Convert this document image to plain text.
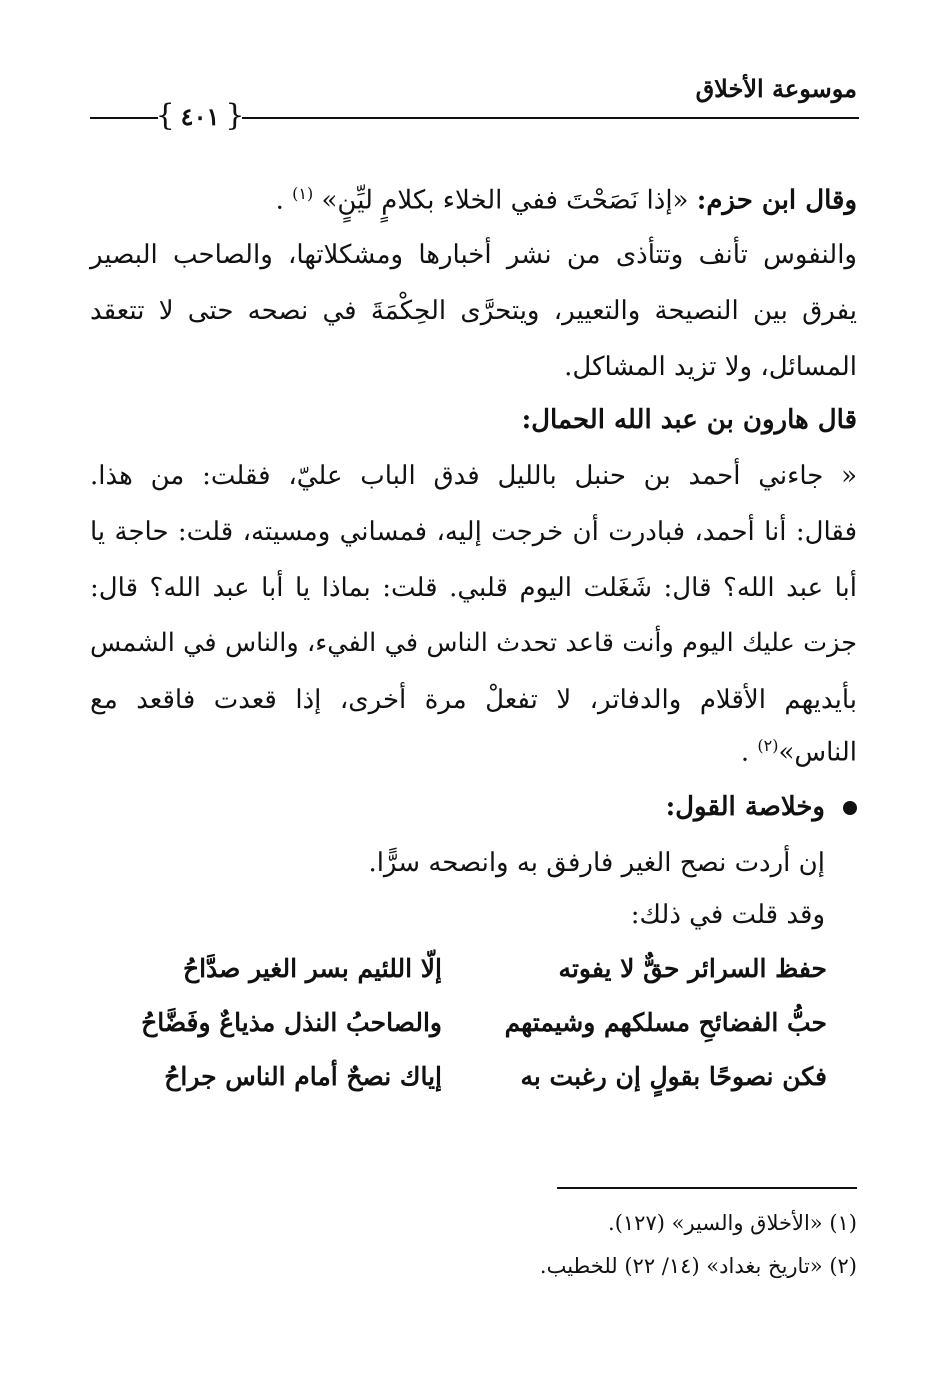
موسوعة الأخلاق
{ ٤٠١ }
وقال ابن حزم: «إذا نَصَحْتَ ففي الخلاء بكلامٍ ليِّنٍ» $^{(١)}$ .
والنفوس تأنف وتتأذى من نشر أخبارها ومشكلاتها، والصاحب البصير
يفرق بين النصيحة والتعيير، ويتحرَّى الحِكْمَةَ في نصحه حتى لا تتعقد
المسائل، ولا تزيد المشاكل.
قال هارون بن عبد الله الحمال:
« جاءني أحمد بن حنبل بالليل فدق الباب عليّ، فقلت: من هذا.
فقال: أنا أحمد، فبادرت أن خرجت إليه، فمساني ومسيته، قلت: حاجة يا
أبا عبد الله؟ قال: شَغَلت اليوم قلبي. قلت: بماذا يا أبا عبد الله؟ قال:
جزت عليك اليوم وأنت قاعد تحدث الناس في الفيء، والناس في الشمس
بأيديهم الأقلام والدفاتر، لا تفعلْ مرة أخرى، إذا قعدت فاقعد مع
الناس»$^{(٢)}$ .
وخلاصة القول:
إن أردت نصح الغير فارفق به وانصحه سرًّا.
وقد قلت في ذلك:
حفظ السرائر حقٌّ لا يفوته
إلّا اللئيم بسر الغير صدَّاحُ
حبُّ الفضائحِ مسلكهم وشيمتهم
والصاحبُ النذل مذياعٌ وفَضَّاحُ
فكن نصوحًا بقولٍ إن رغبت به
إياك نصحٌ أمام الناس جراحُ
(١) «الأخلاق والسير» (١٢٧).
(٢) «تاريخ بغداد» (١٤/ ٢٢) للخطيب.
